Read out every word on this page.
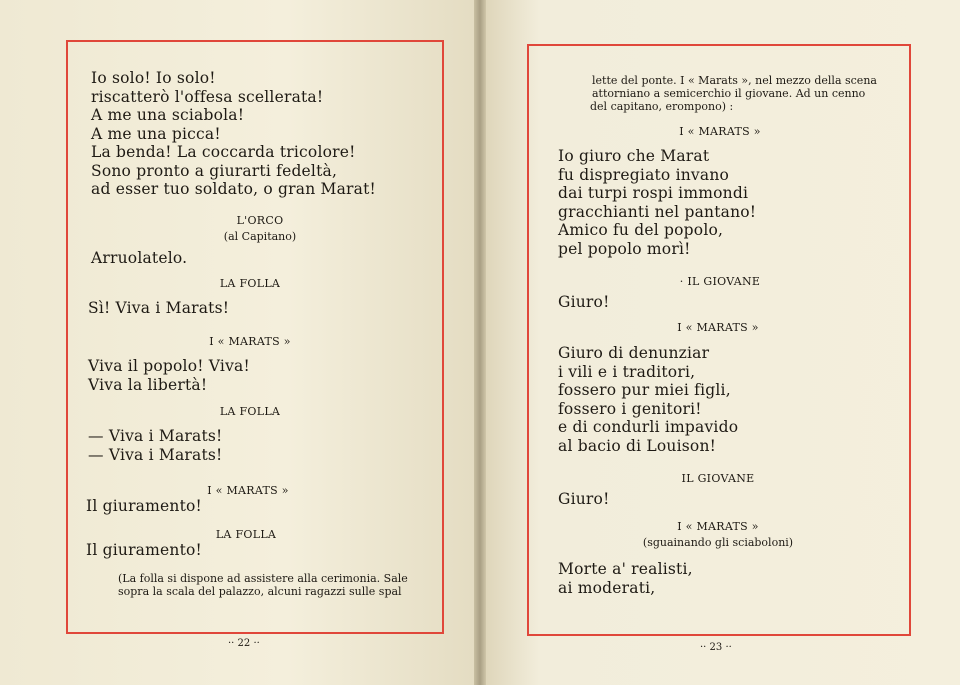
Io solo! Io solo!
riscatterò l'offesa scellerata!
A me una sciabola!
A me una picca!
La benda! La coccarda tricolore!
Sono pronto a giurarti fedeltà,
ad esser tuo soldato, o gran Marat!
L'ORCO
(al Capitano)
Arruolatelo.
LA FOLLA
Sì! Viva i Marats!
I « MARATS »
Viva il popolo! Viva!
Viva la libertà!
LA FOLLA
— Viva i Marats!
— Viva i Marats!
I « MARATS »
Il giuramento!
LA FOLLA
Il giuramento!
(La folla si dispone ad assistere alla cerimonia. Sale
sopra la scala del palazzo, alcuni ragazzi sulle spal
·· 22 ··
lette del ponte. I « Marats », nel mezzo della scena
attorniano a semicerchio il giovane. Ad un cenno
del capitano, erompono) :
I « MARATS »
Io giuro che Marat
fu dispregiato invano
dai turpi rospi immondi
gracchianti nel pantano!
Amico fu del popolo,
pel popolo morì!
· IL GIOVANE
Giuro!
I « MARATS »
Giuro di denunziar
i vili e i traditori,
fossero pur miei figli,
fossero i genitori!
e di condurli impavido
al bacio di Louison!
IL GIOVANE
Giuro!
I « MARATS »
(sguainando gli sciaboloni)
Morte a' realisti,
ai moderati,
·· 23 ··
